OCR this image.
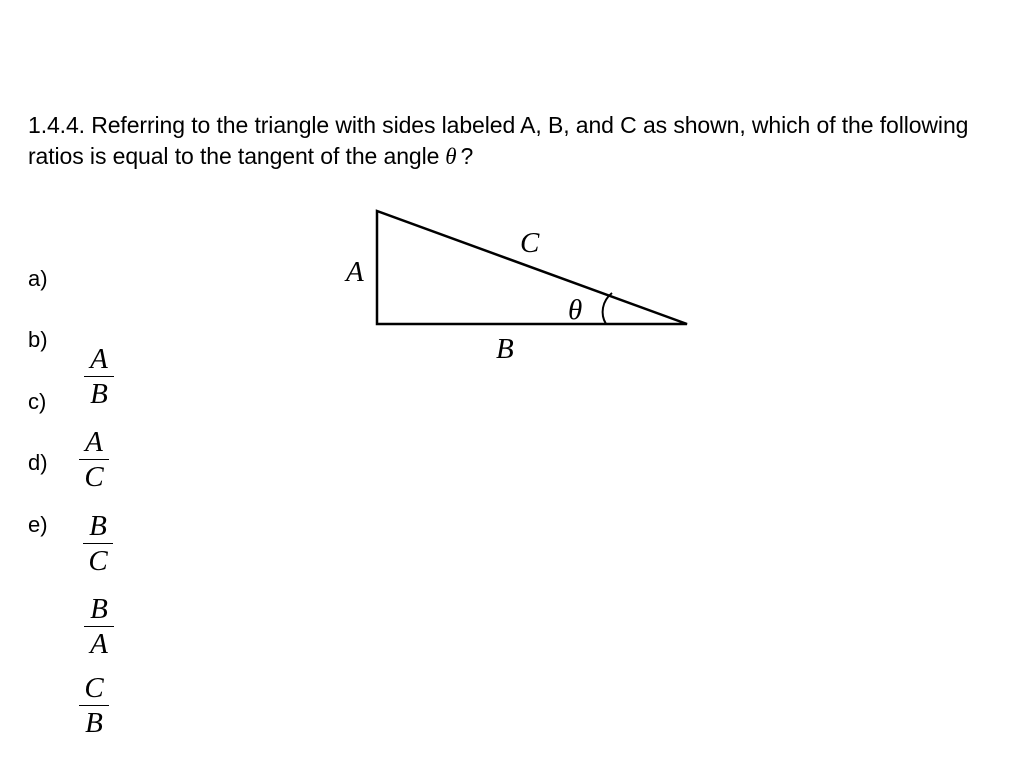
1.4.4. Referring to the triangle with sides labeled A, B, and C as shown, which of the following ratios is equal to the tangent of the angle θ ?
a)
b)
c)
d)
e)
A
B
A
C
B
C
B
A
C
B
A
C
B
θ
